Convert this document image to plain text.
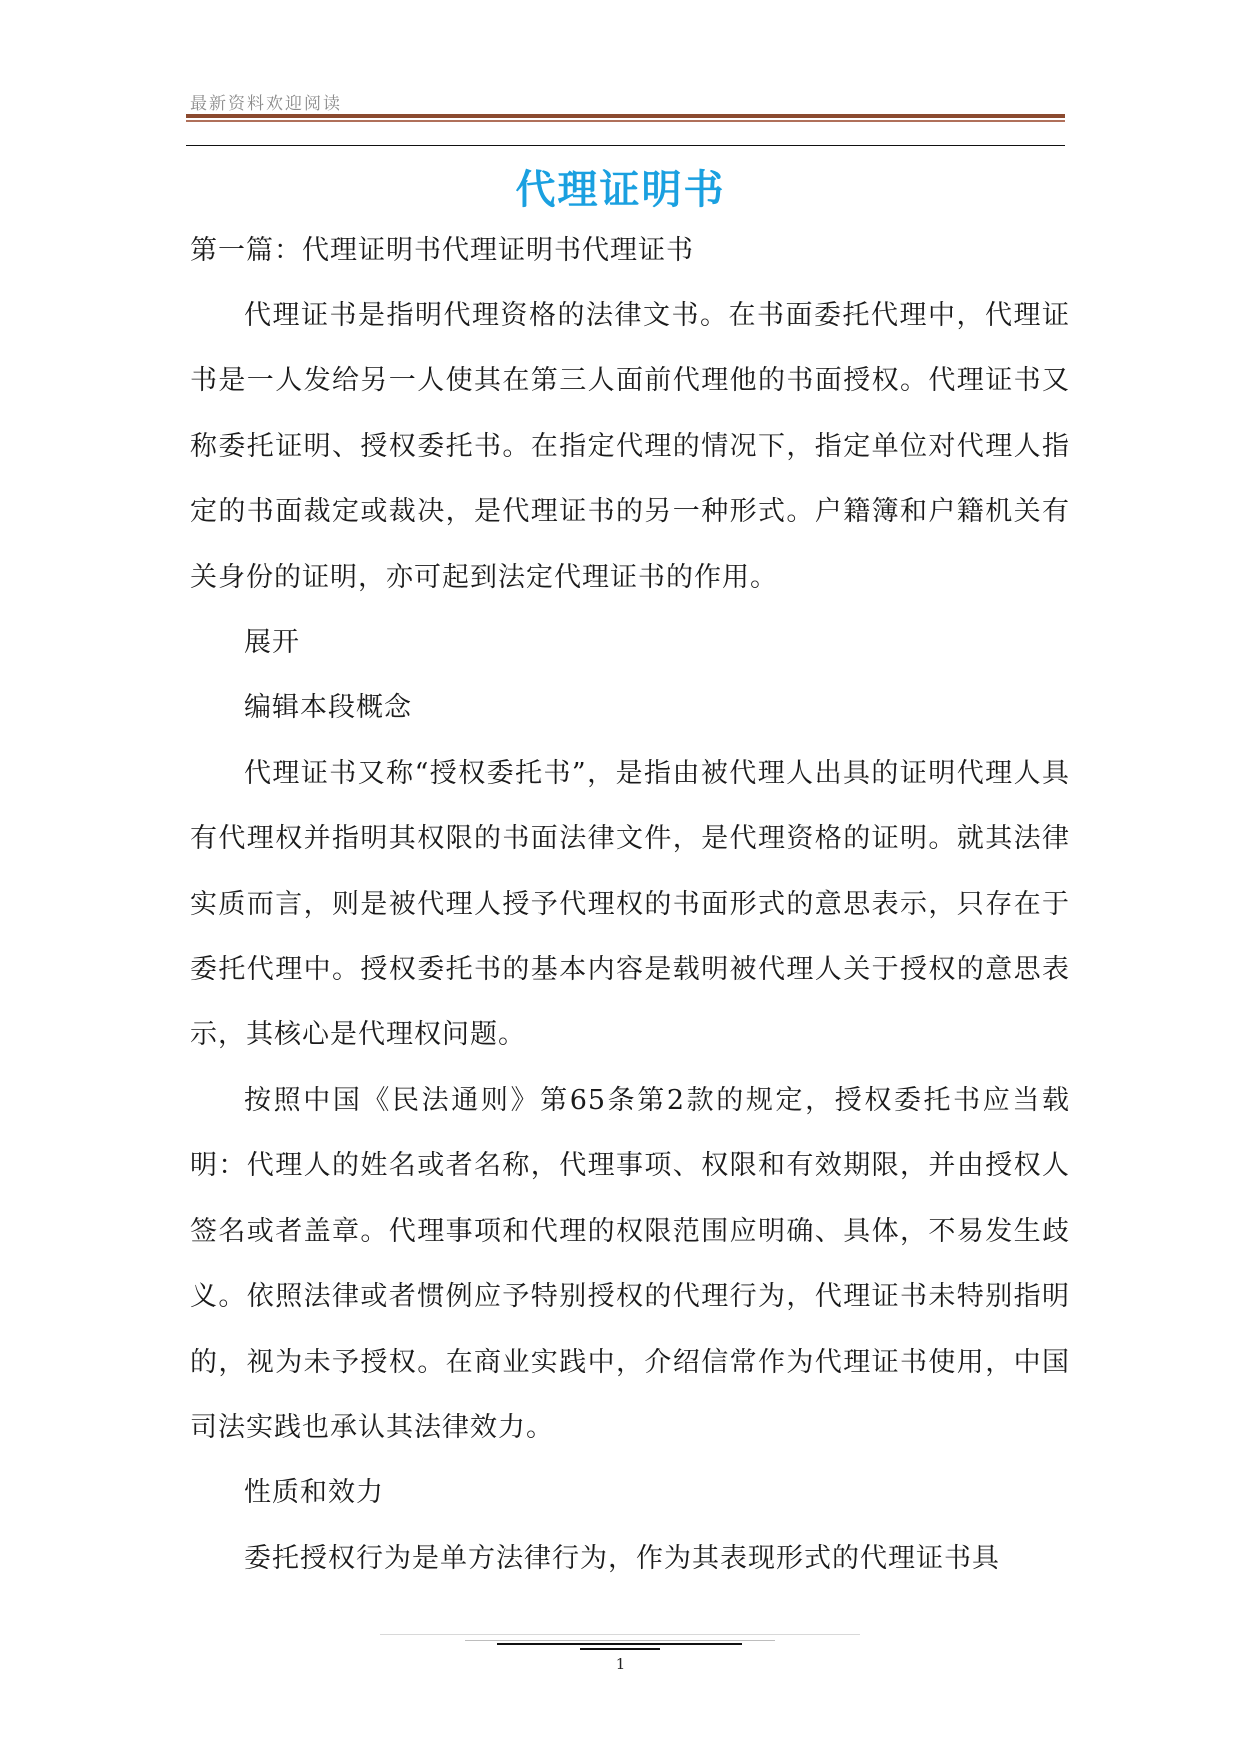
最新资料欢迎阅读
代理证明书
第一篇：代理证明书代理证明书代理证书

代理证书是指明代理资格的法律文书。在书面委托代理中，代理证书是一人发给另一人使其在第三人面前代理他的书面授权。代理证书又称委托证明、授权委托书。在指定代理的情况下，指定单位对代理人指定的书面裁定或裁决，是代理证书的另一种形式。户籍簿和户籍机关有关身份的证明，亦可起到法定代理证书的作用。

展开

编辑本段概念

代理证书又称“授权委托书”，是指由被代理人出具的证明代理人具有代理权并指明其权限的书面法律文件，是代理资格的证明。就其法律实质而言，则是被代理人授予代理权的书面形式的意思表示，只存在于委托代理中。授权委托书的基本内容是载明被代理人关于授权的意思表示，其核心是代理权问题。

按照中国《民法通则》第65条第2款的规定，授权委托书应当载明：代理人的姓名或者名称，代理事项、权限和有效期限，并由授权人签名或者盖章。代理事项和代理的权限范围应明确、具体，不易发生歧义。依照法律或者惯例应予特别授权的代理行为，代理证书未特别指明的，视为未予授权。在商业实践中，介绍信常作为代理证书使用，中国司法实践也承认其法律效力。

性质和效力

委托授权行为是单方法律行为，作为其表现形式的代理证书具

1
